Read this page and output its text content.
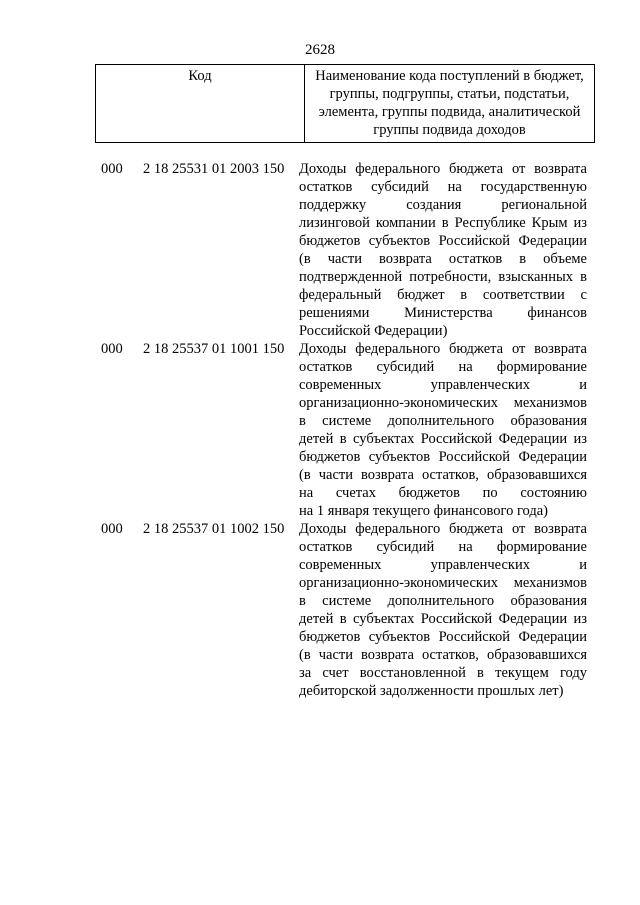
2628
Код	Наименование кода поступлений в бюджет,
группы, подгруппы, статьи, подстатьи,
элемента, группы подвида, аналитической
группы подвида доходов
000	2 18 25531 01 2003 150	Доходы федерального бюджета от возврата
остатков субсидий на государственную
поддержку создания региональной
лизинговой компании в Республике Крым из
бюджетов субъектов Российской Федерации
(в части возврата остатков в объеме
подтвержденной потребности, взысканных в
федеральный бюджет в соответствии с
решениями Министерства финансов
Российской Федерации)
000	2 18 25537 01 1001 150	Доходы федерального бюджета от возврата
остатков субсидий на формирование
современных управленческих и
организационно-экономических механизмов
в системе дополнительного образования
детей в субъектах Российской Федерации из
бюджетов субъектов Российской Федерации
(в части возврата остатков, образовавшихся
на счетах бюджетов по состоянию
на 1 января текущего финансового года)
000	2 18 25537 01 1002 150	Доходы федерального бюджета от возврата
остатков субсидий на формирование
современных управленческих и
организационно-экономических механизмов
в системе дополнительного образования
детей в субъектах Российской Федерации из
бюджетов субъектов Российской Федерации
(в части возврата остатков, образовавшихся
за счет восстановленной в текущем году
дебиторской задолженности прошлых лет)
